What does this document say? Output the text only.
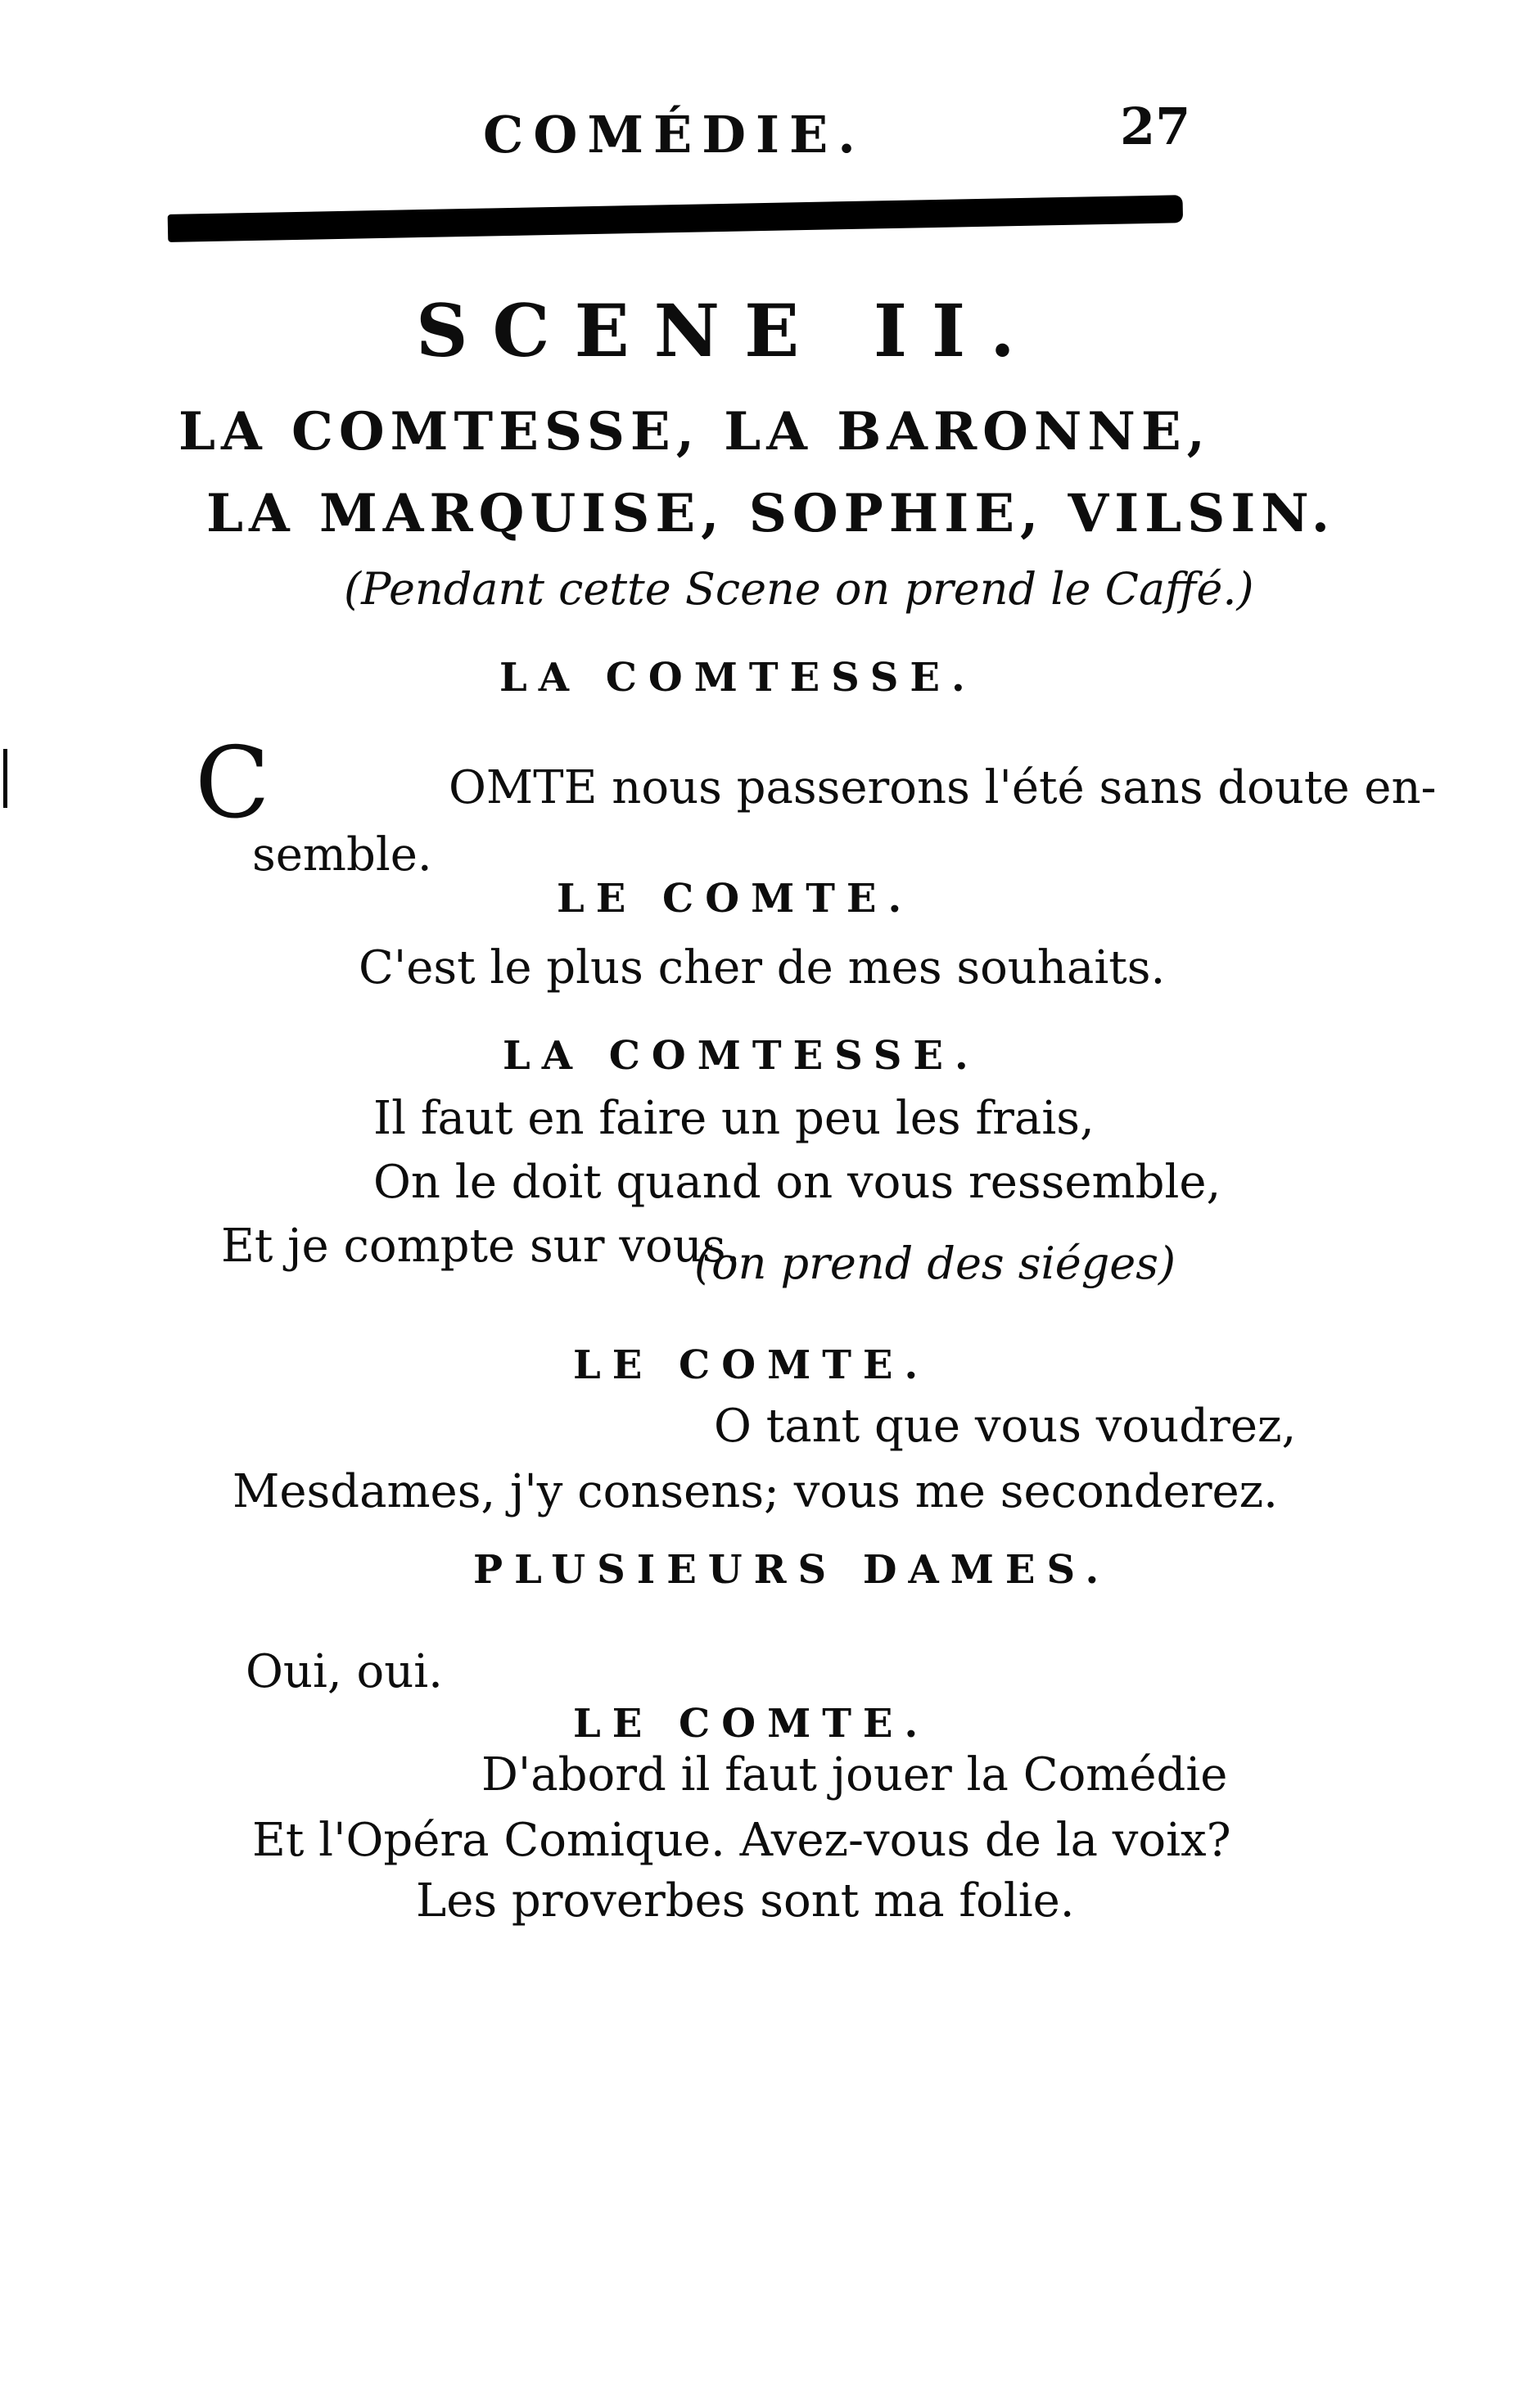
COMÉDIE.	27
SCENE II.
LA COMTESSE, LA BARONNE,
LA MARQUISE, SOPHIE, VILSIN.
(Pendant cette Scene on prend le Caffé.)
LA COMTESSE.
C	OMTE nous passerons l'été sans doute en-
semble.
LE COMTE.
C'est le plus cher de mes souhaits.
LA COMTESSE.
Il faut en faire un peu les frais,
On le doit quand on vous ressemble,
Et je compte sur vous.
(on prend des siéges)
LE COMTE.
O tant que vous voudrez,
Mesdames, j'y consens; vous me seconderez.
PLUSIEURS DAMES.
Oui, oui.
LE COMTE.
D'abord il faut jouer la Comédie
Et l'Opéra Comique. Avez-vous de la voix?
Les proverbes sont ma folie.
